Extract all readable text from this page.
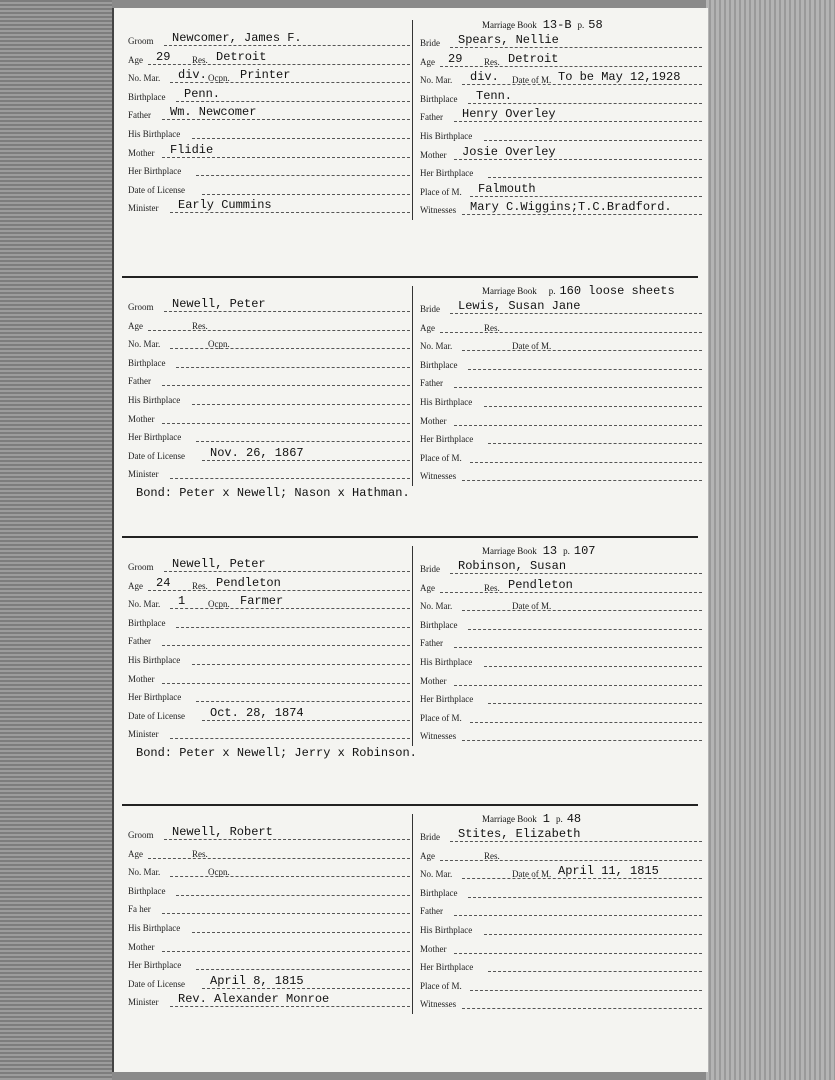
Groom Newcomer, James F.
Age 29 Res. Detroit
No. Mar. div. Ocpn. Printer
Birthplace Penn.
Father Wm. Newcomer
His Birthplace
Mother Flidie
Her Birthplace
Date of License
Minister Early Cummins
Marriage Book 13-B p. 58
Bride Spears, Nellie
Age 29 Res. Detroit
No. Mar. div. Date of M. To be May 12,1928
Birthplace Tenn.
Father Henry Overley
His Birthplace
Mother Josie Overley
Her Birthplace
Place of M. Falmouth
Witnesses Mary C.Wiggins;T.C.Bradford.
Groom Newell, Peter
Age	Res.
No. Mar.	Ocpn.
Birthplace
Father
His Birthplace
Mother
Her Birthplace
Date of License Nov. 26, 1867
Minister
Marriage Book p. 160 loose sheets
Bride Lewis, Susan Jane
Age	Res.
No. Mar.	Date of M.
Birthplace
Father
His Birthplace
Mother
Her Birthplace
Place of M.
Witnesses
Bond: Peter x Newell; Nason x Hathman.
Groom Newell, Peter
Age 24 Res. Pendleton
No. Mar. 1	Ocpn. Farmer
Birthplace
Father
His Birthplace
Mother
Her Birthplace
Date of License Oct. 28, 1874
Minister
Marriage Book 13 p. 107
Bride Robinson, Susan
Age	Res. Pendleton
No. Mar.	Date of M.
Birthplace
Father
His Birthplace
Mother
Her Birthplace
Place of M.
Witnesses
Bond: Peter x Newell; Jerry x Robinson.
Groom Newell, Robert
Age	Res.
No. Mar.	Ocpn.
Birthplace
Fa her
His Birthplace
Mother
Her Birthplace
Date of License April 8, 1815
Minister Rev. Alexander Monroe
Marriage Book 1 p. 48
Bride Stites, Elizabeth
Age	Res.
No. Mar.	Date of M. April 11, 1815
Birthplace
Father
His Birthplace
Mother
Her Birthplace
Place of M.
Witnesses
